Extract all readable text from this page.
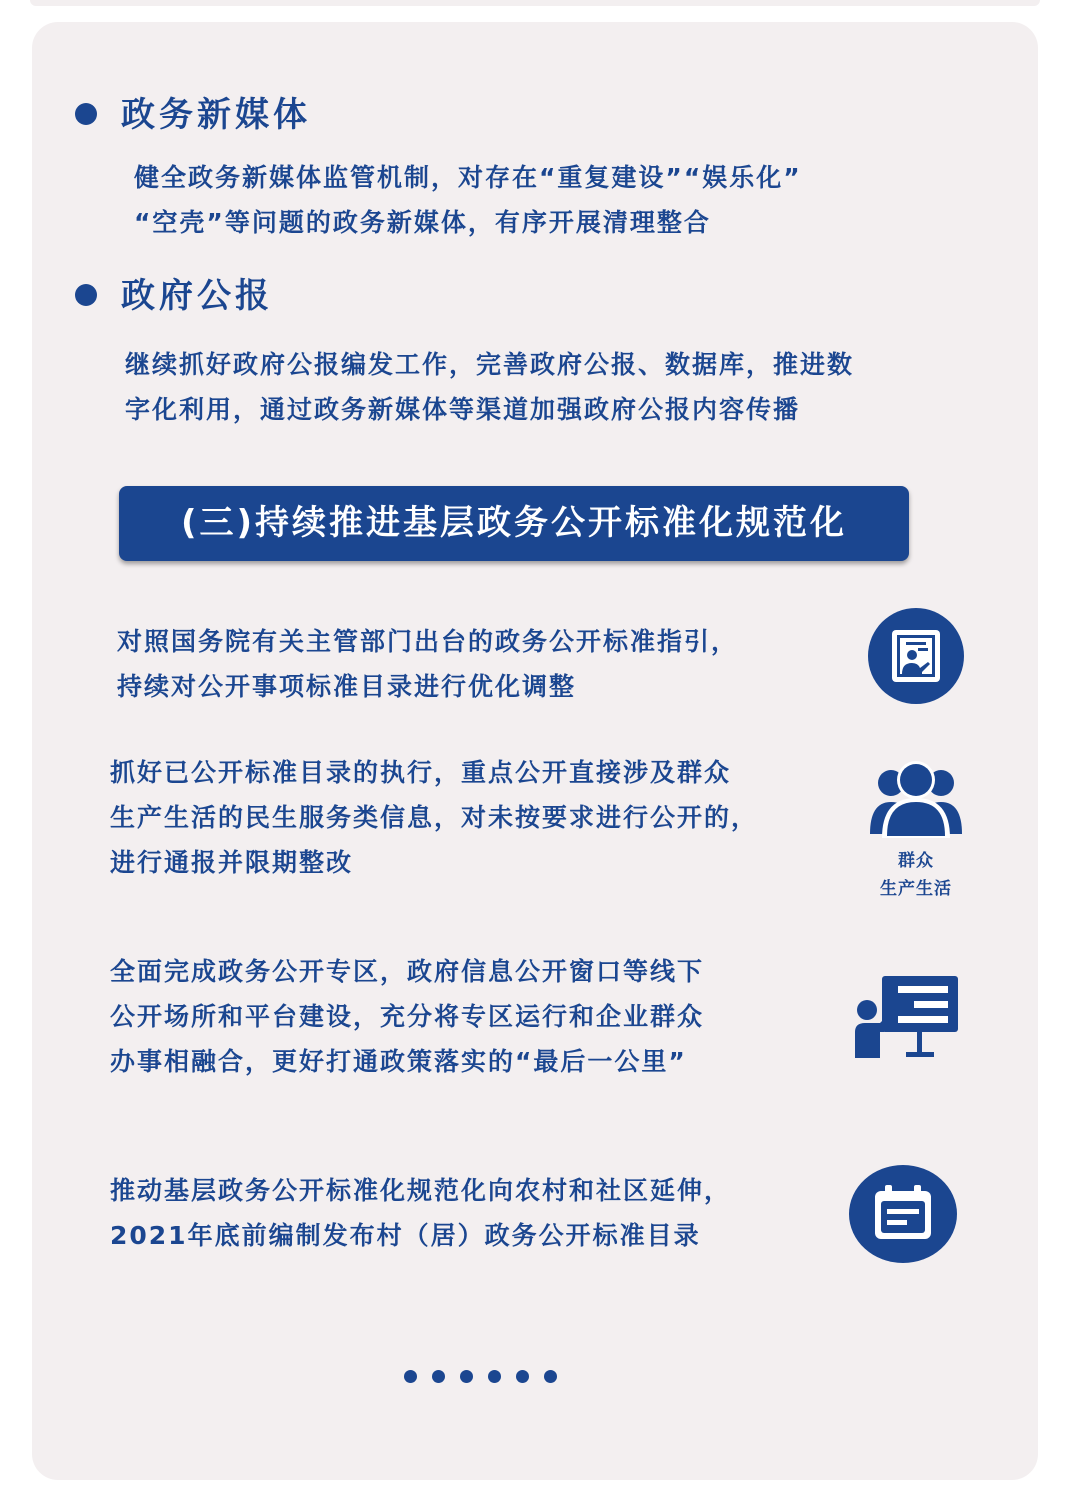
政务新媒体

健全政务新媒体监管机制，对存在“重复建设”“娱乐化”

“空壳”等问题的政务新媒体，有序开展清理整合

政府公报

继续抓好政府公报编发工作，完善政府公报、数据库，推进数

字化利用，通过政务新媒体等渠道加强政府公报内容传播

(三)持续推进基层政务公开标准化规范化

对照国务院有关主管部门出台的政务公开标准指引，

持续对公开事项标准目录进行优化调整

抓好已公开标准目录的执行，重点公开直接涉及群众

生产生活的民生服务类信息，对未按要求进行公开的，

进行通报并限期整改	群众
生产生活

全面完成政务公开专区，政府信息公开窗口等线下

公开场所和平台建设，充分将专区运行和企业群众

办事相融合，更好打通政策落实的“最后一公里”

推动基层政务公开标准化规范化向农村和社区延伸，

2021年底前编制发布村（居）政务公开标准目录
